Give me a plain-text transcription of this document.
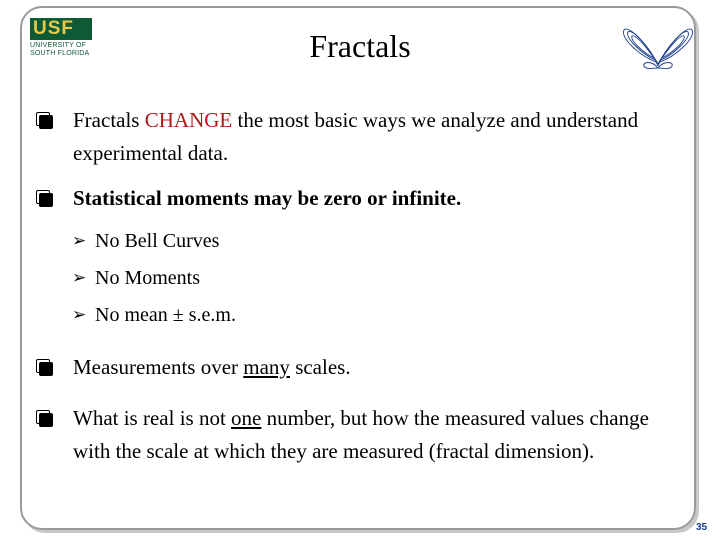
USF
UNIVERSITY OF
SOUTH FLORIDA	Fractals
Fractals CHANGE the most basic ways we analyze and understand experimental data.
Statistical moments may be zero or infinite.
➢ No Bell Curves
➢ No Moments
➢ No mean ± s.e.m.
Measurements over many scales.
What is real is not one number, but how the measured values change with the scale at which they are measured (fractal dimension).
35
